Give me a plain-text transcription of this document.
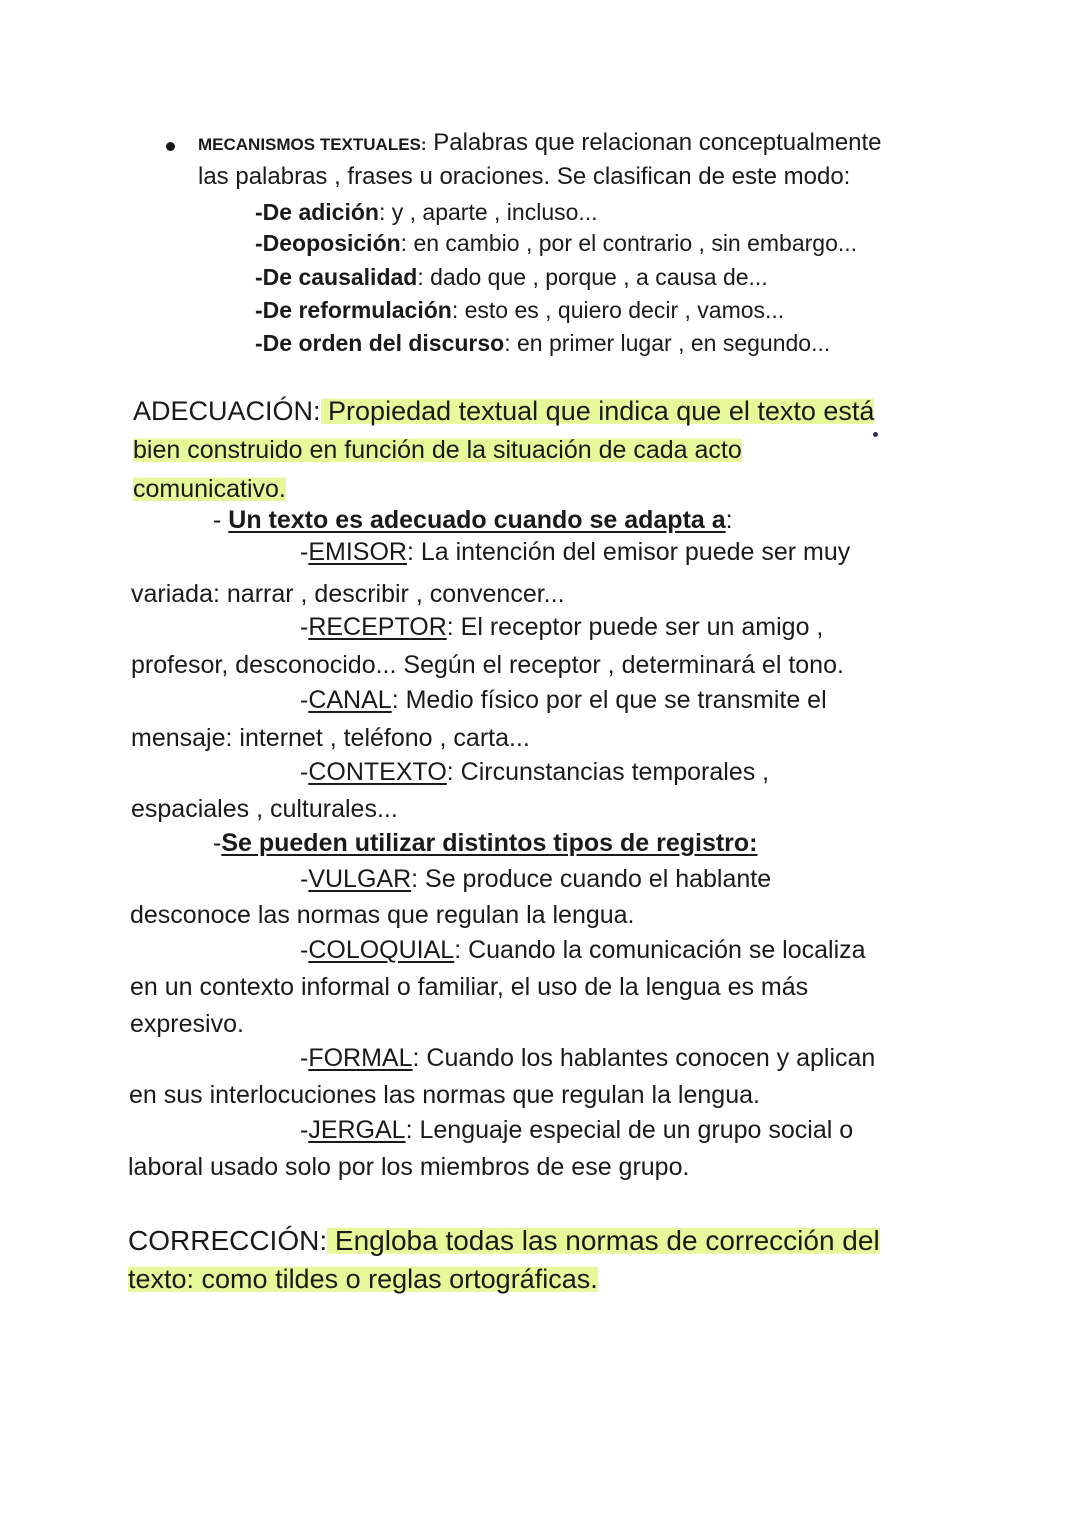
MECANISMOS TEXTUALES: Palabras que relacionan conceptualmente
las palabras , frases u oraciones. Se clasifican de este modo:
-De adición: y , aparte , incluso...
-Deoposición: en cambio , por el contrario , sin embargo...
-De causalidad: dado que , porque , a causa de...
-De reformulación: esto es , quiero decir , vamos...
-De orden del discurso: en primer lugar , en segundo...
ADECUACIÓN: Propiedad textual que indica que el texto está
bien construido en función de la situación de cada acto
comunicativo.
- Un texto es adecuado cuando se adapta a:
-EMISOR: La intención del emisor puede ser muy
variada: narrar , describir , convencer...
-RECEPTOR: El receptor puede ser un amigo ,
profesor, desconocido... Según el receptor , determinará el tono.
-CANAL: Medio físico por el que se transmite el
mensaje: internet , teléfono , carta...
-CONTEXTO: Circunstancias temporales ,
espaciales , culturales...
-Se pueden utilizar distintos tipos de registro:
-VULGAR: Se produce cuando el hablante
desconoce las normas que regulan la lengua.
-COLOQUIAL: Cuando la comunicación se localiza
en un contexto informal o familiar, el uso de la lengua es más
expresivo.
-FORMAL: Cuando los hablantes conocen y aplican
en sus interlocuciones las normas que regulan la lengua.
-JERGAL: Lenguaje especial de un grupo social o
laboral usado solo por los miembros de ese grupo.
CORRECCIÓN: Engloba todas las normas de corrección del
texto: como tildes o reglas ortográficas.
